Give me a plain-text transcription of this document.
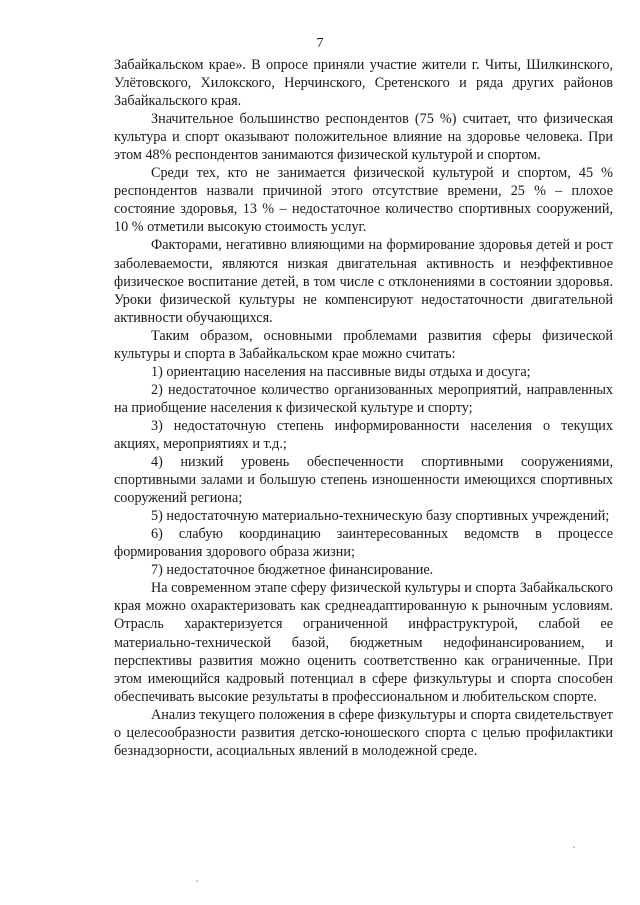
7

Забайкальском крае». В опросе приняли участие жители г. Читы, Шилкинского, Улётовского, Хилокского, Нерчинского, Сретенского и ряда других районов Забайкальского края.

Значительное большинство респондентов (75 %) считает, что физическая культура и спорт оказывают положительное влияние на здоровье человека. При этом 48% респондентов занимаются физической культурой и спортом.

Среди тех, кто не занимается физической культурой и спортом, 45 % респондентов назвали причиной этого отсутствие времени, 25 % – плохое состояние здоровья, 13 % – недостаточное количество спортивных сооружений, 10 % отметили высокую стоимость услуг.

Факторами, негативно влияющими на формирование здоровья детей и рост заболеваемости, являются низкая двигательная активность и неэффективное физическое воспитание детей, в том числе с отклонениями в состоянии здоровья. Уроки физической культуры не компенсируют недостаточности двигательной активности обучающихся.

Таким образом, основными проблемами развития сферы физической культуры и спорта в Забайкальском крае можно считать:

1) ориентацию населения на пассивные виды отдыха и досуга;

2) недостаточное количество организованных мероприятий, направленных на приобщение населения к физической культуре и спорту;

3) недостаточную степень информированности населения о текущих акциях, мероприятиях и т.д.;

4) низкий уровень обеспеченности спортивными сооружениями, спортивными залами и большую степень изношенности имеющихся спортивных сооружений региона;

5) недостаточную материально-техническую базу спортивных учреждений;

6) слабую координацию заинтересованных ведомств в процессе формирования здорового образа жизни;

7) недостаточное бюджетное финансирование.

На современном этапе сферу физической культуры и спорта Забайкальского края можно охарактеризовать как среднеадаптированную к рыночным условиям. Отрасль характеризуется ограниченной инфраструктурой, слабой ее материально-технической базой, бюджетным недофинансированием, и перспективы развития можно оценить соответственно как ограниченные. При этом имеющийся кадровый потенциал в сфере физкультуры и спорта способен обеспечивать высокие результаты в профессиональном и любительском спорте.

Анализ текущего положения в сфере физкультуры и спорта свидетельствует о целесообразности развития детско-юношеского спорта с целью профилактики безнадзорности, асоциальных явлений в молодежной среде.
